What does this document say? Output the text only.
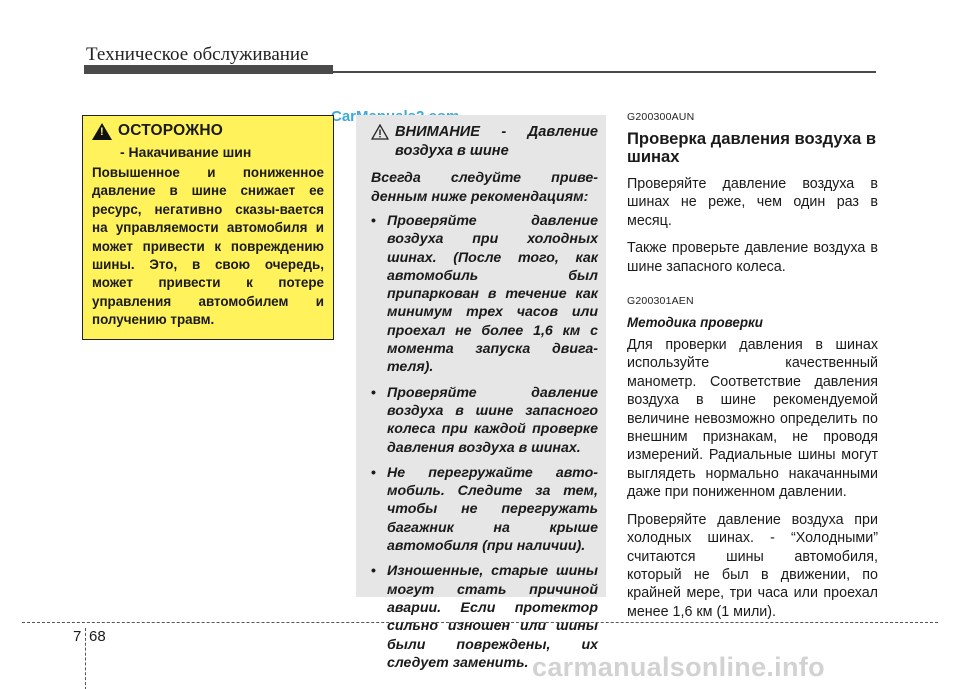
Техническое обслуживание
!
ОСТОРОЖНО
- Накачивание шин
Повышенное и пониженное давление в шине снижает ее ресурс, негативно сказы-вается на управляемости автомобиля и может привести к повреждению шины. Это, в свою очередь, может привести к потере управления автомобилем и получению травм.
ВНИМАНИЕ - Давление воздуха в шине
Всегда следуйте приве-денным ниже рекомендациям:
• Проверяйте давление воздуха при холодных шинах. (После того, как автомобиль был припаркован в течение как минимум трех часов или проехал не более 1,6 км с момента запуска двига-теля).
• Проверяйте давление воздуха в шине запасного колеса при каждой проверке давления воздуха в шинах.
• Не перегружайте авто-мобиль. Следите за тем, чтобы не перегружать багажник на крыше автомобиля (при наличии).
• Изношенные, старые шины могут стать причиной аварии. Если протектор сильно изношен или шины были повреждены, их следует заменить.
G200300AUN
Проверка давления воздуха в шинах
Проверяйте давление воздуха в шинах не реже, чем один раз в месяц.
Также проверьте давление воздуха в шине запасного колеса.
G200301AEN
Методика проверки
Для проверки давления в шинах используйте качественный манометр. Соответствие давления воздуха в шине рекомендуемой величине невозможно определить по внешним признакам, не проводя измерений. Радиальные шины могут выглядеть нормально накачанными даже при пониженном давлении.
Проверяйте давление воздуха при холодных шинах. - “Холодными” считаются шины автомобиля, который не был в движении, по крайней мере, три часа или проехал менее 1,6 км (1 мили).
7 68
carmanualsonline.info
